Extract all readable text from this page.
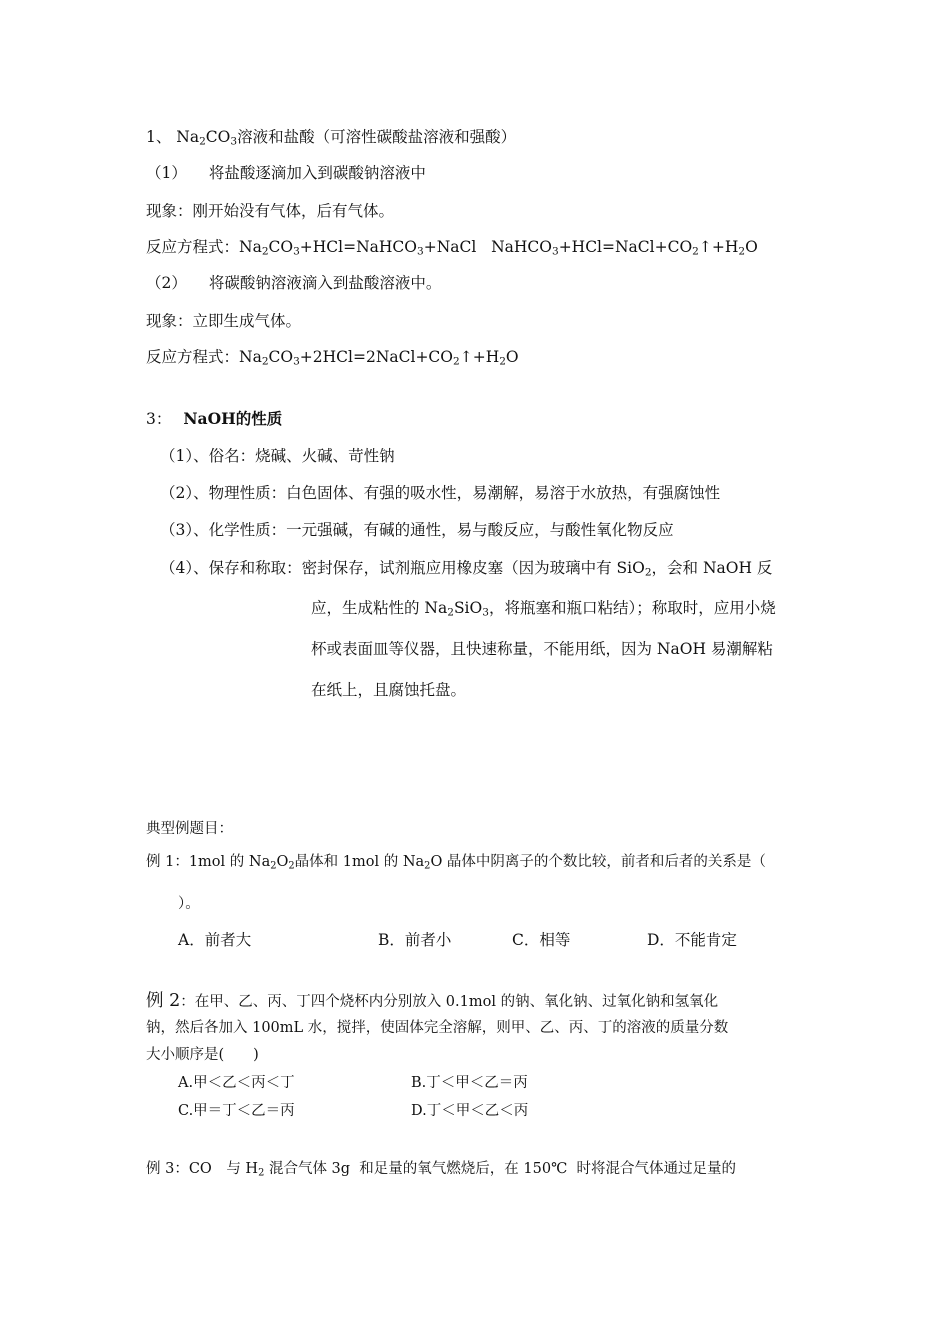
1、 $Na_2CO_3$溶液和盐酸（可溶性碳酸盐溶液和强酸）
（1） 将盐酸逐滴加入到碳酸钠溶液中
现象：刚开始没有气体，后有气体。
反应方程式：$Na_2CO_3+HCl=NaHCO_3+NaCl$   $NaHCO_3+HCl=NaCl+CO_2↑+H_2O$
（2） 将碳酸钠溶液滴入到盐酸溶液中。
现象：立即生成气体。
反应方程式：$Na_2CO_3+2HCl=2NaCl+CO_2↑+H_2O$
3： NaOH的性质
（1）、俗名：烧碱、火碱、苛性钠
（2）、物理性质：白色固体、有强的吸水性，易潮解，易溶于水放热，有强腐蚀性
（3）、化学性质：一元强碱，有碱的通性，易与酸反应，与酸性氧化物反应
（4）、保存和称取：密封保存，试剂瓶应用橡皮塞（因为玻璃中有 SiO$_2$，会和 NaOH 反
应，生成粘性的 $Na_2SiO_3$，将瓶塞和瓶口粘结）；称取时，应用小烧
杯或表面皿等仪器，且快速称量，不能用纸，因为 NaOH 易潮解粘
在纸上，且腐蚀托盘。
典型例题目：
例 1：1mol 的 $Na_2O_2$晶体和 1mol 的 $Na_2O$ 晶体中阴离子的个数比较，前者和后者的关系是（
）。
A．前者大	B．前者小	C．相等	D．不能肯定
例 2：在甲、乙、丙、丁四个烧杯内分别放入 0.1mol 的钠、氧化钠、过氧化钠和氢氧化
钠，然后各加入 100mL 水，搅拌，使固体完全溶解，则甲、乙、丙、丁的溶液的质量分数
大小顺序是(　　)
A.甲＜乙＜丙＜丁	B.丁＜甲＜乙＝丙
C.甲＝丁＜乙＝丙	D.丁＜甲＜乙＜丙
例 3：CO　与 $H_2$ 混合气体 3g  和足量的氧气燃烧后，在 150℃  时将混合气体通过足量的
